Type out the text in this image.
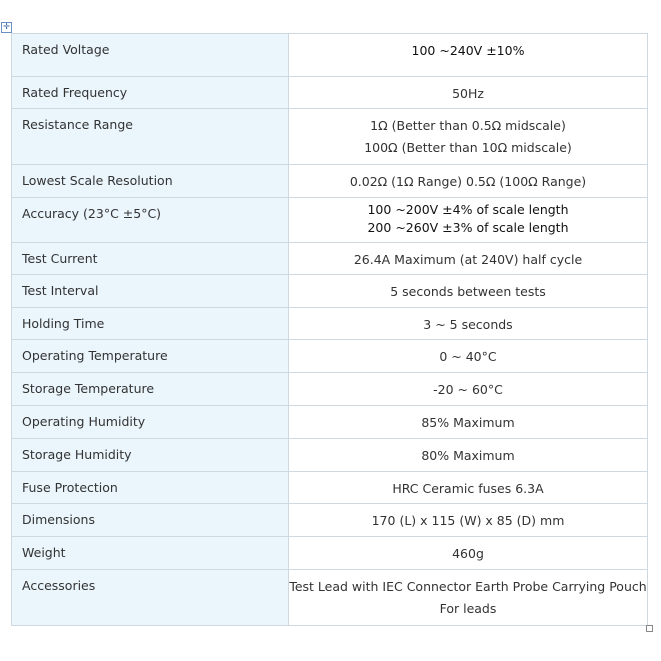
✛
Rated Voltage	100 ~240V ±10%

Rated Frequency	50Hz

Resistance Range	1Ω (Better than 0.5Ω midscale)
100Ω (Better than 10Ω midscale)

Lowest Scale Resolution	0.02Ω (1Ω Range) 0.5Ω (100Ω Range)

Accuracy (23°C ±5°C)	100 ~200V ±4% of scale length
200 ~260V ±3% of scale length

Test Current	26.4A Maximum (at 240V) half cycle

Test Interval	5 seconds between tests

Holding Time	3 ~ 5 seconds

Operating Temperature	0 ~ 40°C

Storage Temperature	-20 ~ 60°C

Operating Humidity	85% Maximum

Storage Humidity	80% Maximum

Fuse Protection	HRC Ceramic fuses 6.3A

Dimensions	170 (L) x 115 (W) x 85 (D) mm

Weight	460g

Accessories	Test Lead with IEC Connector Earth Probe Carrying Pouch
For leads
